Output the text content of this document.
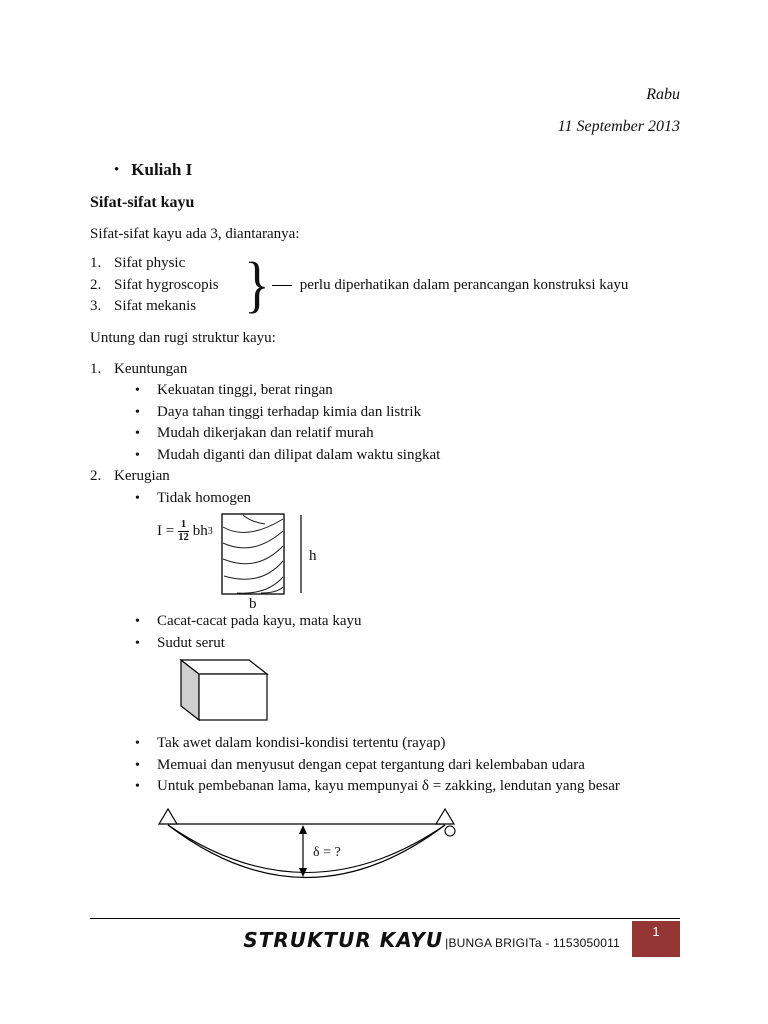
Rabu
11 September 2013
• Kuliah I
Sifat-sifat kayu
Sifat-sifat kayu ada 3, diantaranya:
1. Sifat physic
2. Sifat hygroscopis
3. Sifat mekanis } perlu diperhatikan dalam perancangan konstruksi kayu
Untung dan rugi struktur kayu:
1. Keuntungan
•	Kekuatan tinggi, berat ringan
•	Daya tahan tinggi terhadap kimia dan listrik
•	Mudah dikerjakan dan relatif murah
•	Mudah diganti dan dilipat dalam waktu singkat
2. Kerugian
•	Tidak homogen
$I = \frac{1}{12}$ bh 3
h
b
•	Cacat-cacat pada kayu, mata kayu
•	Sudut serut
•	Tak awet dalam kondisi-kondisi tertentu (rayap)
•	Memuai dan menyusut dengan cepat tergantung dari kelembaban udara
•	Untuk pembebanan lama, kayu mempunyai δ = zakking, lendutan yang besar
δ = ?
STRUKTUR KAYU |BUNGA BRIGITa - 1153050011
1
